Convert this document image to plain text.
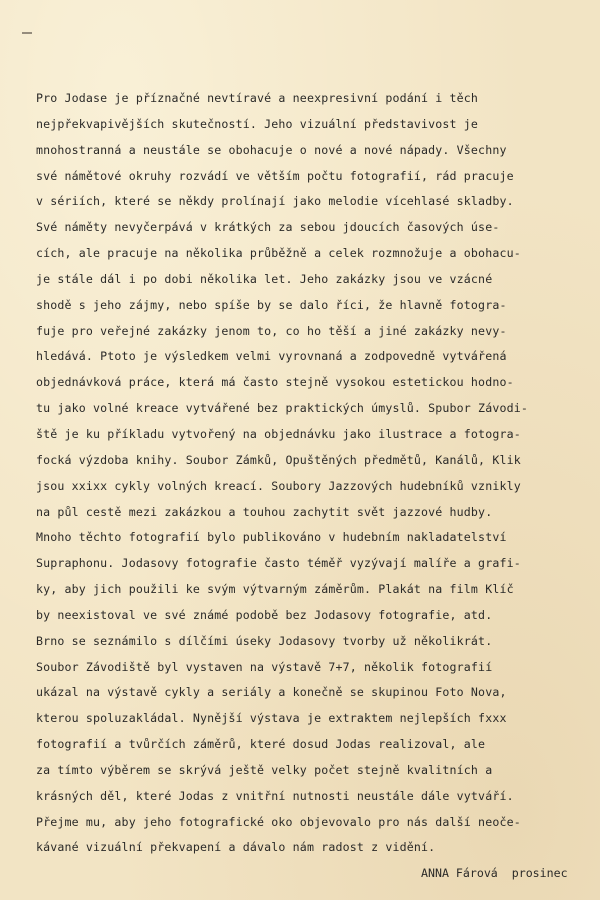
Pro Jodase je příznačné nevtíravé a neexpresivní podání i těch
nejpřekvapivějších skutečností. Jeho vizuální představivost je
mnohostranná a neustále se obohacuje o nové a nové nápady. Všechny
své námětové okruhy rozvádí ve větším počtu fotografií, rád pracuje
v sériích, které se někdy prolínají jako melodie vícehlasé skladby.
Své náměty nevyčerpává v krátkých za sebou jdoucích časových úse-
cích, ale pracuje na několika průběžně a celek rozmnožuje a obohacu-
je stále dál i po dobi několika let. Jeho zakázky jsou ve vzácné
shodě s jeho zájmy, nebo spíše by se dalo říci, že hlavně fotogra-
fuje pro veřejné zakázky jenom to, co ho těší a jiné zakázky nevy-
hledává. Ptoto je výsledkem velmi vyrovnaná a zodpovedně vytvářená
objednávková práce, která má často stejně vysokou estetickou hodno-
tu jako volné kreace vytvářené bez praktických úmyslů. Spubor Závodi-
ště je ku příkladu vytvořený na objednávku jako ilustrace a fotogra-
focká výzdoba knihy. Soubor Zámků, Opuštěných předmětů, Kanálů, Klik
jsou xxixx cykly volných kreací. Soubory Jazzových hudebníků vznikly
na půl cestě mezi zakázkou a touhou zachytit svět jazzové hudby.
Mnoho těchto fotografií bylo publikováno v hudebním nakladatelství
Supraphonu. Jodasovy fotografie často téměř vyzývají malíře a grafi-
ky, aby jich použili ke svým výtvarným záměrům. Plakát na film Klíč
by neexistoval ve své známé podobě bez Jodasovy fotografie, atd.
Brno se seznámilo s dílčími úseky Jodasovy tvorby už několikrát.
Soubor Závodiště byl vystaven na výstavě 7+7, několik fotografií
ukázal na výstavě cykly a seriály a konečně se skupinou Foto Nova,
kterou spoluzakládal. Nynější výstava je extraktem nejlepších fxxx
fotografií a tvůrčích záměrů, které dosud Jodas realizoval, ale
za tímto výběrem se skrývá ještě velky počet stejně kvalitních a
krásných děl, které Jodas z vnitřní nutnosti neustále dále vytváří.
Přejme mu, aby jeho fotografické oko objevovalo pro nás další neoče-
kávané vizuální překvapení a dávalo nám radost z vidění.
ANNA Fárová  prosinec
